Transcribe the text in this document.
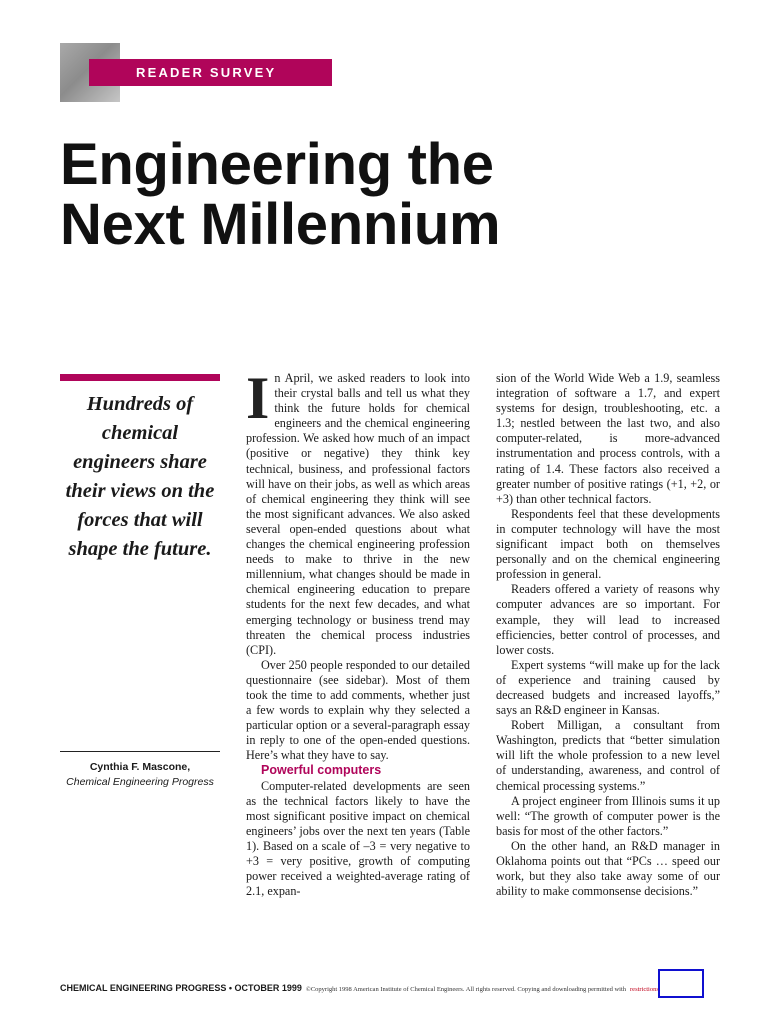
READER SURVEY
Engineering the
Next Millennium

Hundreds of chemical engineers share their views on the forces that will shape the future.

Cynthia F. Mascone,
Chemical Engineering Progress
I n April, we asked readers to look into their crystal balls and tell us what they think the future holds for chemical engineers and the chemical engineering profession. We asked how much of an impact (positive or negative) they think key technical, business, and professional factors will have on their jobs, as well as which areas of chemical engineering they think will see the most significant advances. We also asked several open-ended questions about what changes the chemical engineering profession needs to make to thrive in the new millennium, what changes should be made in chemical engineering education to prepare students for the next few decades, and what emerging technology or business trend may threaten the chemical process industries (CPI).

Over 250 people responded to our detailed questionnaire (see sidebar). Most of them took the time to add comments, whether just a few words to explain why they selected a particular option or a several-paragraph essay in reply to one of the open-ended questions. Here’s what they have to say.

Powerful computers

Computer-related developments are seen as the technical factors likely to have the most significant positive impact on chemical engineers’ jobs over the next ten years (Table 1). Based on a scale of –3 = very negative to +3 = very positive, growth of computing power received a weighted-average rating of 2.1, expan-

sion of the World Wide Web a 1.9, seamless integration of software a 1.7, and expert systems for design, troubleshooting, etc. a 1.3; nestled between the last two, and also computer-related, is more-advanced instrumentation and process controls, with a rating of 1.4. These factors also received a greater number of positive ratings (+1, +2, or +3) than other technical factors.

Respondents feel that these developments in computer technology will have the most significant impact both on themselves personally and on the chemical engineering profession in general.

Readers offered a variety of reasons why computer advances are so important. For example, they will lead to increased efficiencies, better control of processes, and lower costs.

Expert systems “will make up for the lack of experience and training caused by decreased budgets and increased layoffs,” says an R&D engineer in Kansas.

Robert Milligan, a consultant from Washington, predicts that “better simulation will lift the whole profession to a new level of understanding, awareness, and control of chemical processing systems.”

A project engineer from Illinois sums it up well: “The growth of computer power is the basis for most of the other factors.”

On the other hand, an R&D manager in Oklahoma points out that “PCs … speed our work, but they also take away some of our ability to make commonsense decisions.”

CHEMICAL ENGINEERING PROGRESS • OCTOBER 1999 ©Copyright 1998 American Institute of Chemical Engineers. All rights reserved. Copying and downloading permitted with restrictions.
